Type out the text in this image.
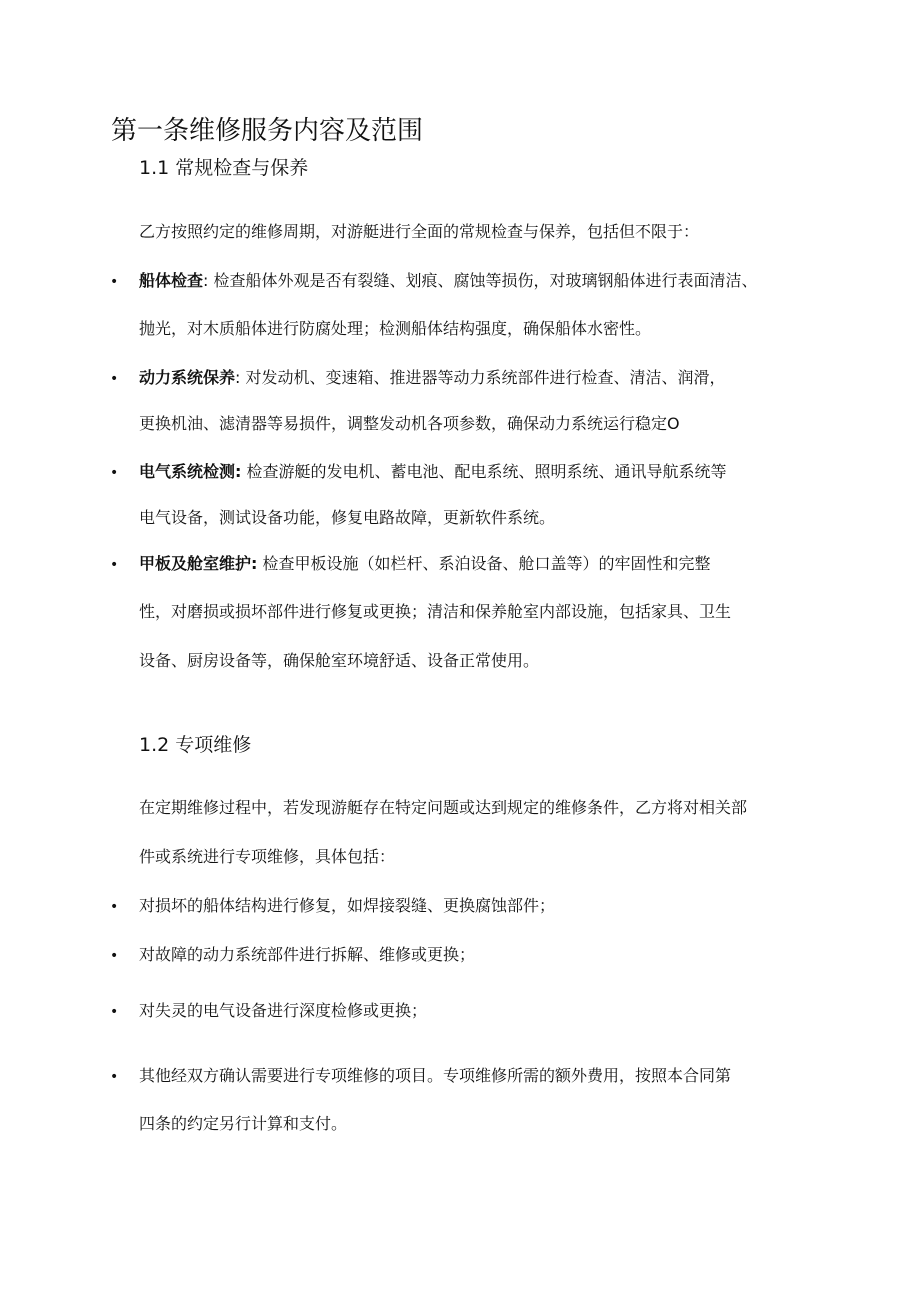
第一条维修服务内容及范围
1.1 常规检查与保养
乙方按照约定的维修周期，对游艇进行全面的常规检查与保养，包括但不限于：
• 船体检查: 检查船体外观是否有裂缝、划痕、腐蚀等损伤，对玻璃钢船体进行表面清洁、
抛光，对木质船体进行防腐处理；检测船体结构强度，确保船体水密性。
• 动力系统保养: 对发动机、变速箱、推进器等动力系统部件进行检查、清洁、润滑，
更换机油、滤清器等易损件，调整发动机各项参数，确保动力系统运行稳定O
• 电气系统检测: 检查游艇的发电机、蓄电池、配电系统、照明系统、通讯导航系统等
电气设备，测试设备功能，修复电路故障，更新软件系统。
• 甲板及舱室维护: 检查甲板设施（如栏杆、系泊设备、舱口盖等）的牢固性和完整
性，对磨损或损坏部件进行修复或更换；清洁和保养舱室内部设施，包括家具、卫生
设备、厨房设备等，确保舱室环境舒适、设备正常使用。
1.2 专项维修
在定期维修过程中，若发现游艇存在特定问题或达到规定的维修条件，乙方将对相关部
件或系统进行专项维修，具体包括：
• 对损坏的船体结构进行修复，如焊接裂缝、更换腐蚀部件；
• 对故障的动力系统部件进行拆解、维修或更换；
• 对失灵的电气设备进行深度检修或更换；
• 其他经双方确认需要进行专项维修的项目。专项维修所需的额外费用，按照本合同第
四条的约定另行计算和支付。
